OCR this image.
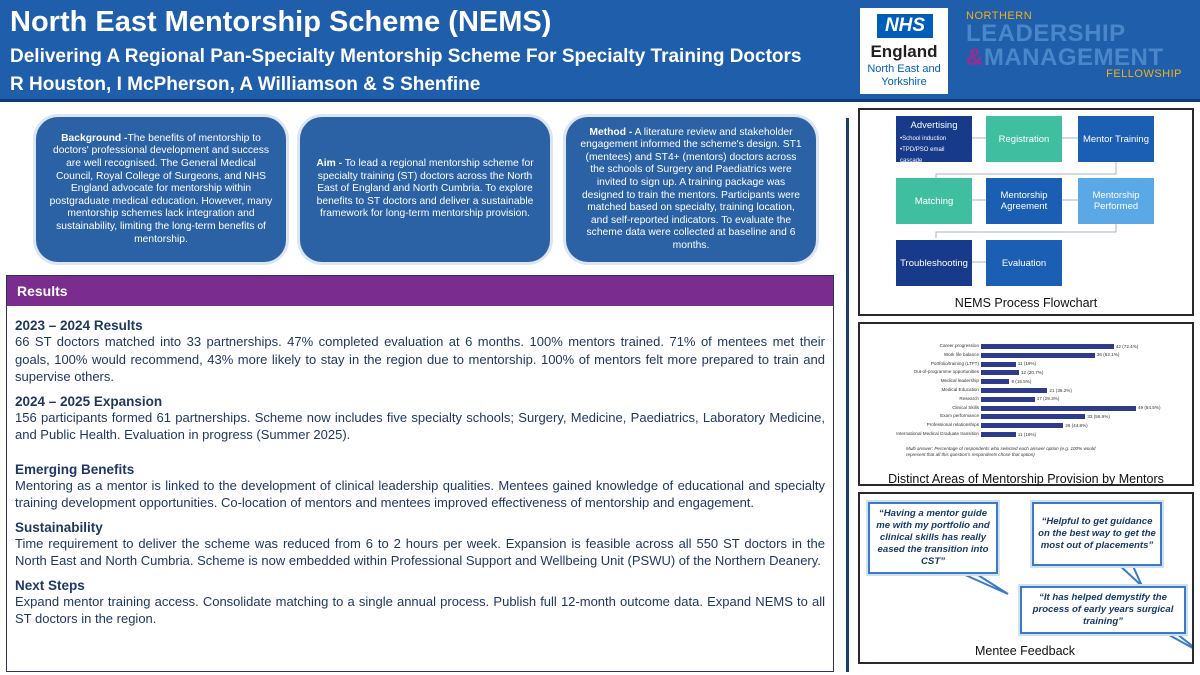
North East Mentorship Scheme (NEMS)
Delivering A Regional Pan-Specialty Mentorship Scheme For Specialty Training Doctors
R Houston, I McPherson, A Williamson & S Shenfine
NHS
England
North East and Yorkshire
NORTHERN
LEADERSHIP
&MANAGEMENT
FELLOWSHIP
Background -The benefits of mentorship to doctors' professional development and success are well recognised. The General Medical Council, Royal College of Surgeons, and NHS England advocate for mentorship within postgraduate medical education. However, many mentorship schemes lack integration and sustainability, limiting the long-term benefits of mentorship.
Aim - To lead a regional mentorship scheme for specialty training (ST) doctors across the North East of England and North Cumbria. To explore benefits to ST doctors and deliver a sustainable framework for long-term mentorship provision.
Method - A literature review and stakeholder engagement informed the scheme's design. ST1 (mentees) and ST4+ (mentors) doctors across the schools of Surgery and Paediatrics were invited to sign up. A training package was designed to train the mentors. Participants were matched based on specialty, training location, and self-reported indicators. To evaluate the scheme data were collected at baseline and 6 months.
Results
2023 – 2024 Results
66 ST doctors matched into 33 partnerships. 47% completed evaluation at 6 months. 100% mentors trained. 71% of mentees met their goals, 100% would recommend, 43% more likely to stay in the region due to mentorship. 100% of mentors felt more prepared to train and supervise others.
2024 – 2025 Expansion
156 participants formed 61 partnerships. Scheme now includes five specialty schools; Surgery, Medicine, Paediatrics, Laboratory Medicine, and Public Health. Evaluation in progress (Summer 2025).
Emerging Benefits
Mentoring as a mentor is linked to the development of clinical leadership qualities. Mentees gained knowledge of educational and specialty training development opportunities. Co-location of mentors and mentees improved effectiveness of mentorship and engagement.
Sustainability
Time requirement to deliver the scheme was reduced from 6 to 2 hours per week. Expansion is feasible across all 550 ST doctors in the North East and North Cumbria. Scheme is now embedded within Professional Support and Wellbeing Unit (PSWU) of the Northern Deanery.
Next Steps
Expand mentor training access. Consolidate matching to a single annual process. Publish full 12-month outcome data. Expand NEMS to all ST doctors in the region.
Advertising
•School induction
•TPD/PSO email cascade
Registration	Mentor Training
Matching	Mentorship Agreement
Mentorship Performed
Troubleshooting	Evaluation
NEMS Process Flowchart
Career progression	42 (72.4%)
Work life balance	36 (62.1%)
Portfolio/training (LTFT)	11 (19%)
Out-of-programme opportunities	12 (20.7%)
Medical leadership	9 (15.5%)
Medical Education	21 (36.2%)
Research	17 (29.3%)
Clinical Skills	49 (84.5%)
Exam performance	33 (56.9%)
Professional relationships	26 (44.8%)
International Medical Graduate transition	11 (19%)
Multi answer: Percentage of respondents who selected each answer option (e.g. 100% would represent that all this question's respondents chose that option)
Distinct Areas of Mentorship Provision by Mentors
“Having a mentor guide me with my portfolio and clinical skills has really eased the transition into CST”
“Helpful to get guidance on the best way to get the most out of placements”
“It has helped demystify the process of early years surgical training”
Mentee Feedback
